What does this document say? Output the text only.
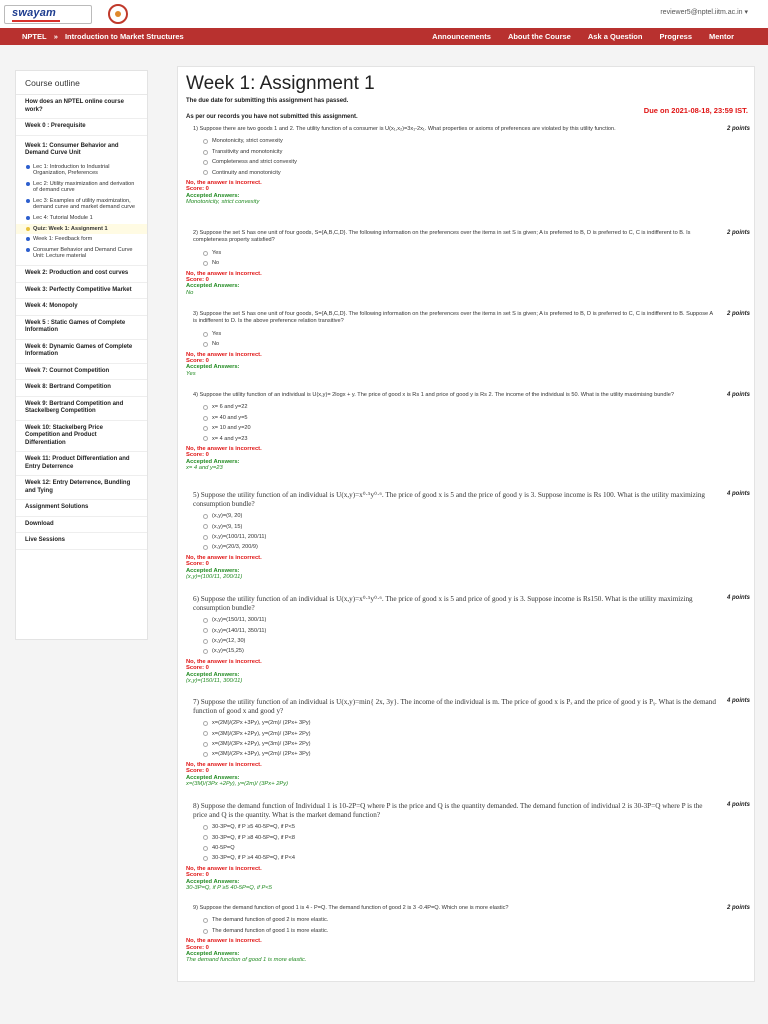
swayam	reviewer5@nptel.iitm.ac.in ▾
NPTEL » Introduction to Market Structures	Announcements About the Course Ask a Question Progress Mentor
Course outline
How does an NPTEL online course work?
Week 0 : Prerequisite
Week 1: Consumer Behavior and Demand Curve Unit
Lec 1: Introduction to Industrial Organization, Preferences
Lec 2: Utility maximization and derivation of demand curve
Lec 3: Examples of utility maximization, demand curve and market demand curve
Lec 4: Tutorial Module 1
Quiz: Week 1: Assignment 1
Week 1: Feedback form
Consumer Behavior and Demand Curve Unit: Lecture material
Week 2: Production and cost curves
Week 3: Perfectly Competitive Market
Week 4: Monopoly
Week 5 : Static Games of Complete Information
Week 6: Dynamic Games of Complete Information
Week 7: Cournot Competition
Week 8: Bertrand Competition
Week 9: Bertrand Competition and Stackelberg Competition
Week 10: Stackelberg Price Competition and Product Differentiation
Week 11: Product Differentiation and Entry Deterrence
Week 12: Entry Deterrence, Bundling and Tying
Assignment Solutions
Download
Live Sessions
Week 1: Assignment 1
The due date for submitting this assignment has passed.
Due on 2021-08-18, 23:59 IST.
As per our records you have not submitted this assignment.
1) Suppose there are two goods 1 and 2. The utility function of a consumer is U(x₁,x₂)=3x₁-2x₁. What properties or axioms of preferences are violated by this utility function.	2 points
Monotonicity, strict convexity
Transitivity and monotonicity
Completeness and strict convexity
Continuity and monotonicity
No, the answer is incorrect.
Score: 0
Accepted Answers:
Monotonicity, strict convexity
2) Suppose the set S has one unit of four goods, S={A,B,C,D}. The following information on the preferences over the items in set S is given; A is preferred to B, D is preferred to C, C is indifferent to B. Is completeness property satisfied?
2 points
Yes
No
No, the answer is incorrect.
Score: 0
Accepted Answers:
No
3) Suppose the set S has one unit of four goods, S={A,B,C,D}. The following information on the preferences over the items in set S is given; A is preferred to B, D is preferred to C, C is indifferent to B. Suppose A is indifferent to D. Is the above preference relation transitive?
2 points
Yes
No
No, the answer is incorrect.
Score: 0
Accepted Answers:
Yes
4) Suppose the utility function of an individual is U(x,y)= 2logx + y. The price of good x is Rs 1 and price of good y is Rs 2. The income of the individual is 50. What is the utility maximising bundle?	4 points
x= 6 and y=22
x= 40 and y=5
x= 10 and y=20
x= 4 and y=23
No, the answer is incorrect.
Score: 0
Accepted Answers:
x= 4 and y=23
5) Suppose the utility function of an individual is U(x,y)=x⁰·⁵y⁰·⁶. The price of good x is 5 and the price of good y is 3. Suppose income is Rs 100. What is the utility maximizing consumption bundle?
4 points
(x,y)=(9, 20)
(x,y)=(9, 15)
(x,y)=(100/11, 200/11)
(x,y)=(20/3, 200/9)
No, the answer is incorrect.
Score: 0
Accepted Answers:
(x,y)=(100/11, 200/11)
6) Suppose the utility function of an individual is U(x,y)=x⁰·⁵y⁰·⁶. The price of good x is 5 and price of good y is 3. Suppose income is Rs150. What is the utility maximizing consumption bundle?
4 points
(x,y)=(150/11, 300/11)
(x,y)=(140/11, 350/11)
(x,y)=(12, 30)
(x,y)=(15,25)
No, the answer is incorrect.
Score: 0
Accepted Answers:
(x,y)=(150/11, 300/11)
7) Suppose the utility function of an individual is U(x,y)=min{ 2x, 3y}. The income of the individual is m. The price of good x is Pₓ and the price of good y is Pᵧ. What is the demand function of good x and good y?
4 points
x=(2M)/(2Px +3Py), y=(2m)/ (2Px+ 3Py)
x=(3M)/(3Px +2Py), y=(2m)/ (3Px+ 2Py)
x=(3M)/(3Px +2Py), y=(3m)/ (3Px+ 2Py)
x=(3M)/(2Px +3Py), y=(2m)/ (2Px+ 3Py)
No, the answer is incorrect.
Score: 0
Accepted Answers:
x=(3M)/(3Px +2Py), y=(2m)/ (3Px+ 2Py)
8) Suppose the demand function of Individual 1 is 10-2P=Q where P is the price and Q is the quantity demanded. The demand function of individual 2 is 30-3P=Q where P is the price and Q is the quantity. What is the market demand function?
4 points
30-3P=Q, if P ≥5 40-5P=Q, if P<5
30-3P=Q, if P ≥8 40-5P=Q, if P<8
40-5P=Q
30-3P=Q, if P ≥4 40-5P=Q, if P<4
No, the answer is incorrect.
Score: 0
Accepted Answers:
30-3P=Q, if P ≥5 40-5P=Q, if P<5
9) Suppose the demand function of good 1 is 4 - P=Q. The demand function of good 2 is 3 -0.4P=Q. Which one is more elastic?	2 points
The demand function of good 2 is more elastic.
The demand function of good 1 is more elastic.
No, the answer is incorrect.
Score: 0
Accepted Answers:
The demand function of good 1 is more elastic.
